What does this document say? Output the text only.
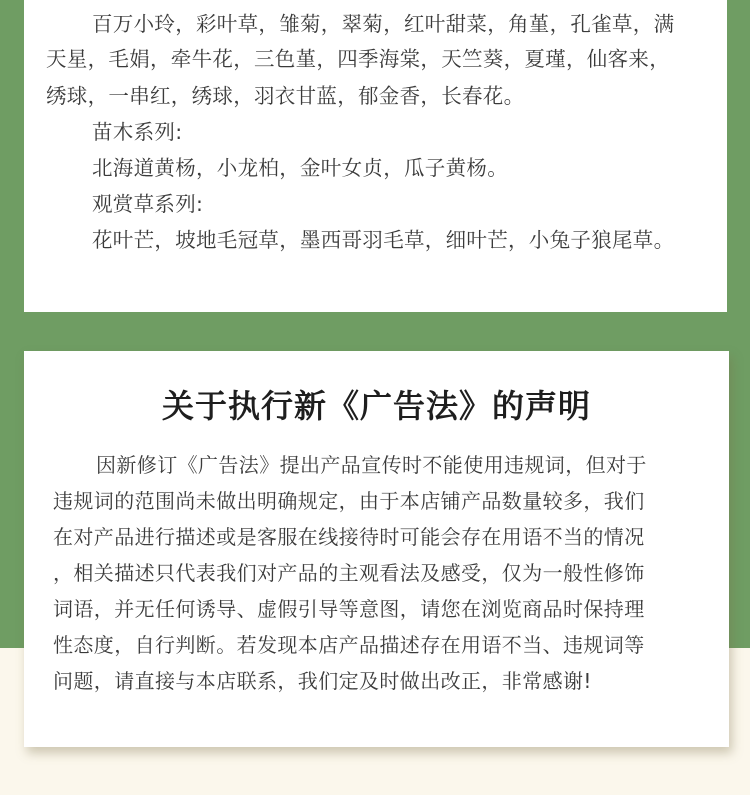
百万小玲，彩叶草，雏菊，翠菊，红叶甜菜，角堇，孔雀草，满
天星，毛娟，牵牛花，三色堇，四季海棠，天竺葵，夏瑾，仙客来，
绣球，一串红，绣球，羽衣甘蓝，郁金香，长春花。
苗木系列:
北海道黄杨，小龙柏，金叶女贞，瓜子黄杨。
观赏草系列:
花叶芒，坡地毛冠草，墨西哥羽毛草，细叶芒，小兔子狼尾草。
关于执行新《广告法》的声明
因新修订《广告法》提出产品宣传时不能使用违规词，但对于
违规词的范围尚未做出明确规定，由于本店铺产品数量较多，我们
在对产品进行描述或是客服在线接待时可能会存在用语不当的情况
，相关描述只代表我们对产品的主观看法及感受，仅为一般性修饰
词语，并无任何诱导、虚假引导等意图，请您在浏览商品时保持理
性态度，自行判断。若发现本店产品描述存在用语不当、违规词等
问题，请直接与本店联系，我们定及时做出改正，非常感谢!
